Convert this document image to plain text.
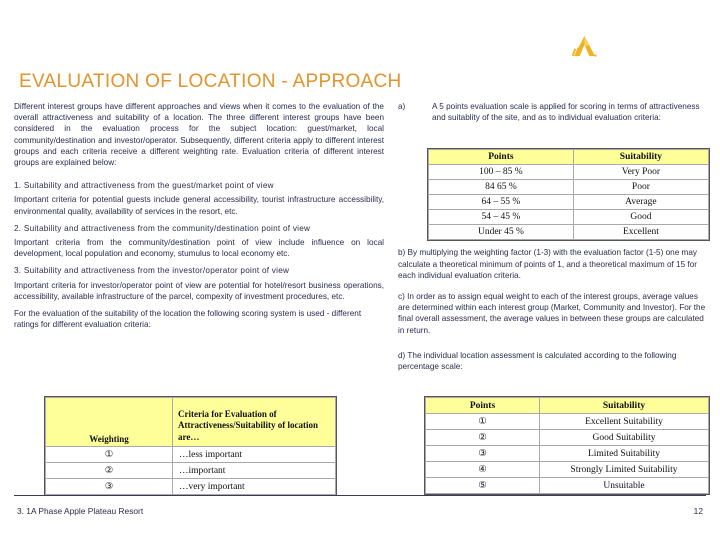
Public Company Stara planina	Horwath HTL
EVALUATION OF LOCATION - APPROACH

Different interest groups have different approaches and views when it comes to the evaluation of the overall attractiveness and suitability of a location. The three different interest groups have been considered in the evaluation process for the subject location: guest/market, local community/destination and investor/operator. Subsequently, different criteria apply to different interest groups and each criteria receive a different weighting rate. Evaluation criteria of different interest groups are explained below:

1. Suitability and attractiveness from the guest/market point of view

Important criteria for potential guests include general accessibility, tourist infrastructure accessibility, environmental quality, availability of services in the resort, etc.

2. Suitability and attractiveness from the community/destination point of view

Important criteria from the community/destination point of view include influence on local development, local population and economy, stumulus to local economy etc.

3. Suitability and attractiveness from the investor/operator point of view

Important criteria for investor/operator point of view are potential for hotel/resort business operations, accessibility, available infrastructure of the parcel, compexity of investment procedures, etc.

For the evaluation of the suitability of the location the following scoring system is used - different ratings for different evaluation criteria:

a)	A 5 points evaluation scale is applied for scoring in terms of attractiveness and suitablity of the site, and as to individual evaluation criteria:

b) By multiplying the weighting factor (1-3) with the evaluation factor (1-5) one may calculate a theoretical minimum of points of 1, and a theoretical maximum of 15 for each individual evaluation criteria.

c) In order as to assign equal weight to each of the interest groups, average values are determined within each interest group (Market, Community and Investor). For the final overall assessment, the average values in between these groups are calculated in return.

d) The individual location assessment is calculated according to the following percentage scale:

Points	Suitability
100 – 85 %	Very Poor
84 65 %	Poor
64 – 55 %	Average
54 – 45 %	Good
Under 45 %	Excellent
Weighting	Criteria for Evaluation of Attractiveness/Suitability of location are…
①	…less important
②	…important
③	…very important
Points	Suitability
①	Excellent Suitability
②	Good Suitability
③	Limited Suitability
④	Strongly Limited Suitability
⑤	Unsuitable
3. 1A Phase Apple Plateau Resort	12
